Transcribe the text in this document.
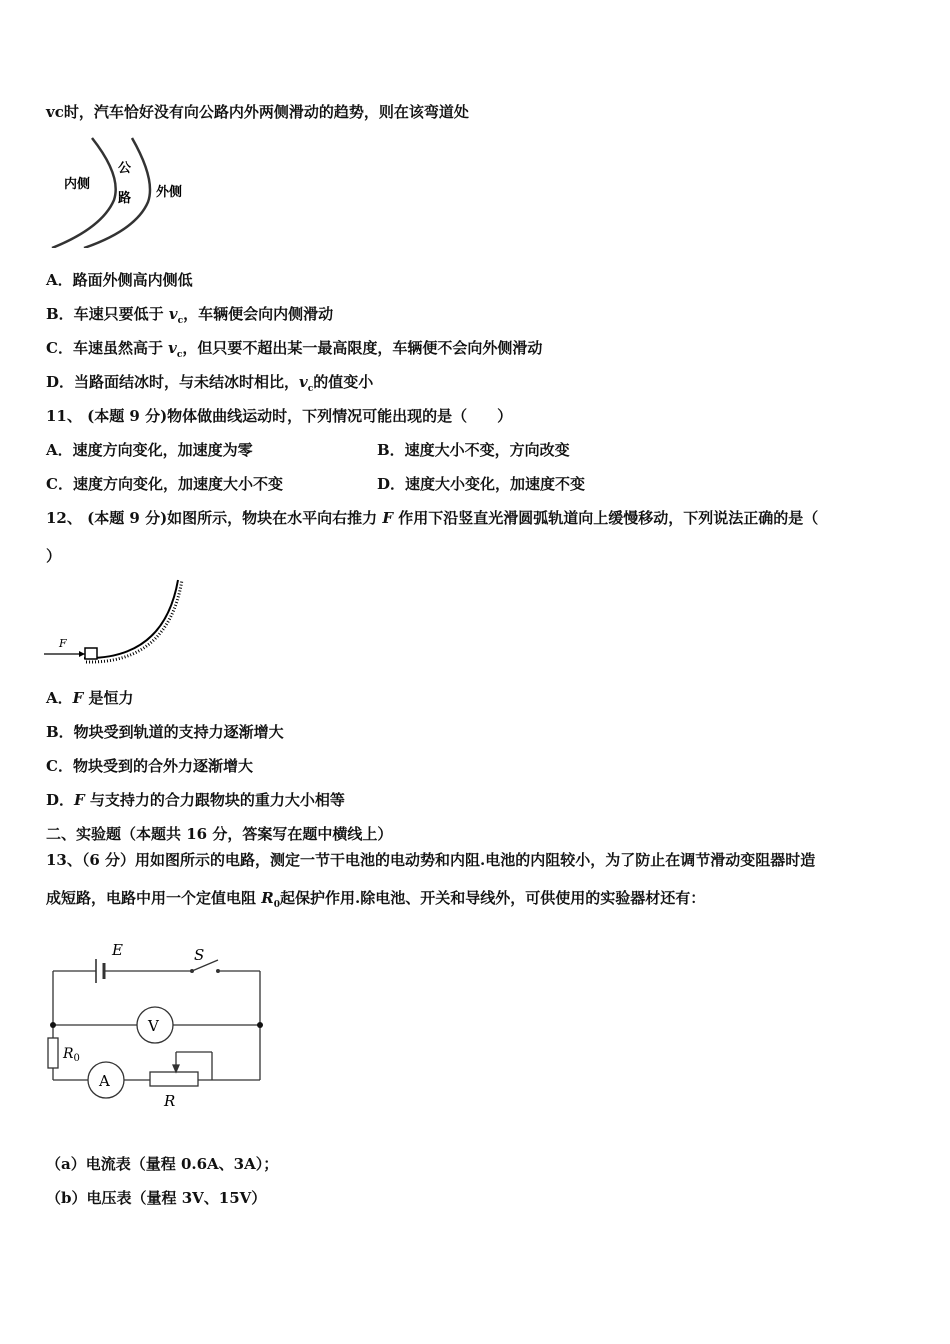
vc时，汽车恰好没有向公路内外两侧滑动的趋势，则在该弯道处
内侧
公
路 外侧
A．路面外侧高内侧低
B．车速只要低于 $v_c$，车辆便会向内侧滑动
C．车速虽然高于 $v_c$，但只要不超出某一最高限度，车辆便不会向外侧滑动
D．当路面结冰时，与未结冰时相比，$v_c$的值变小
11、 (本题 9 分)物体做曲线运动时，下列情况可能出现的是（　　）
A．速度方向变化，加速度为零	B．速度大小不变，方向改变
C．速度方向变化，加速度大小不变	D．速度大小变化，加速度不变
12、 (本题 9 分)如图所示，物块在水平向右推力 F 作用下沿竖直光滑圆弧轨道向上缓慢移动，下列说法正确的是（
）
F
A．F 是恒力
B．物块受到轨道的支持力逐渐增大
C．物块受到的合外力逐渐增大
D．F 与支持力的合力跟物块的重力大小相等
二、实验题（本题共 16 分，答案写在题中横线上）
13、（6 分）用如图所示的电路，测定一节干电池的电动势和内阻.电池的内阻较小，为了防止在调节滑动变阻器时造
成短路，电路中用一个定值电阻 $R_0$起保护作用.除电池、开关和导线外，可供使用的实验器材还有：
E	S
V
A
$R_0$
R
（a）电流表（量程 0.6A、3A）；
（b）电压表（量程 3V、15V）
